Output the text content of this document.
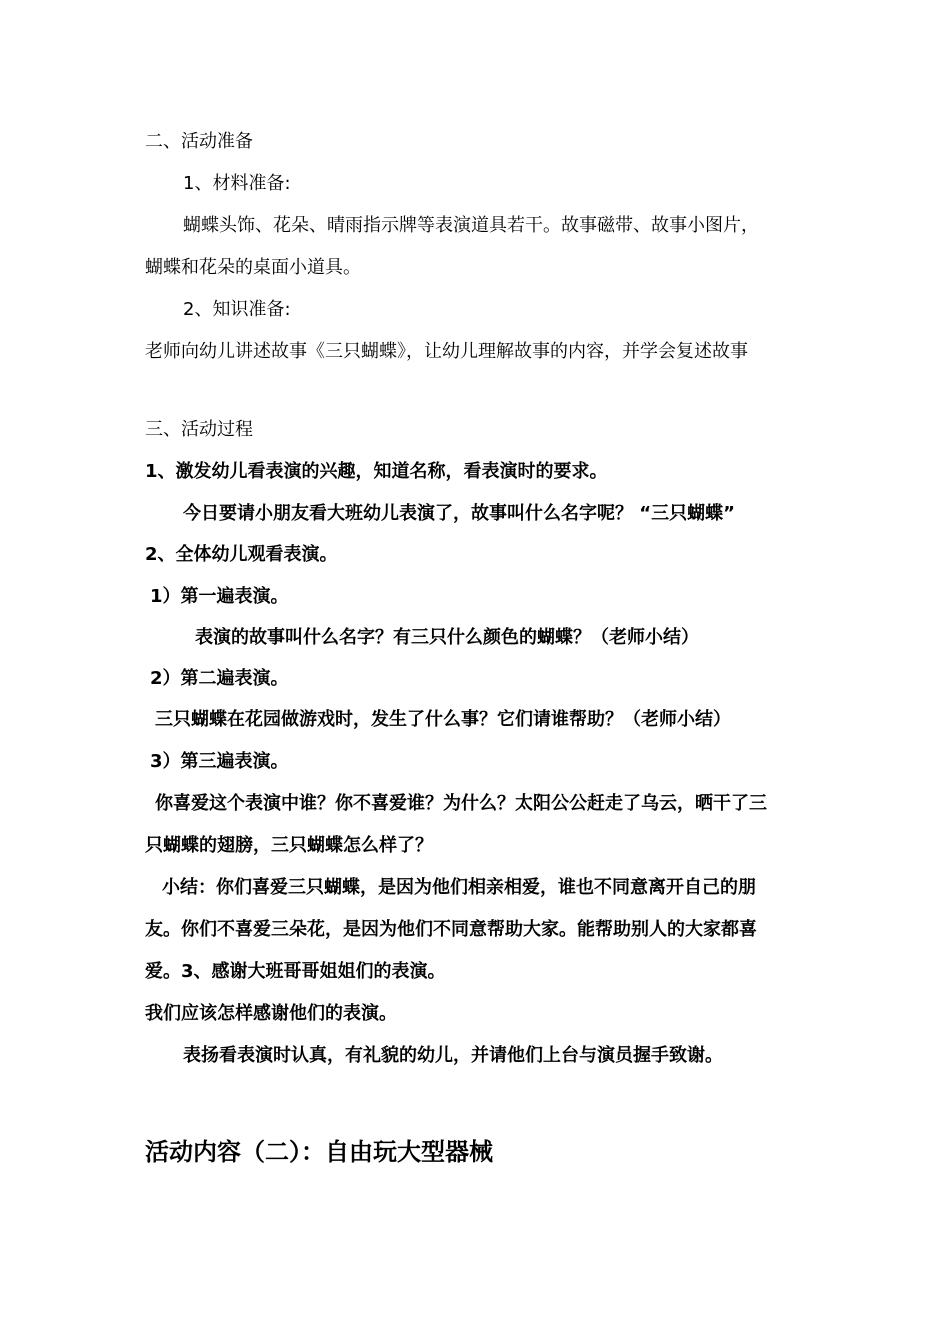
二、活动准备
1、材料准备:
蝴蝶头饰、花朵、晴雨指示牌等表演道具若干。故事磁带、故事小图片，
蝴蝶和花朵的桌面小道具。
2、知识准备:
老师向幼儿讲述故事《三只蝴蝶》，让幼儿理解故事的内容，并学会复述故事
三、活动过程
1、激发幼儿看表演的兴趣，知道名称，看表演时的要求。
今日要请小朋友看大班幼儿表演了，故事叫什么名字呢？ “三只蝴蝶”
2、全体幼儿观看表演。
1）第一遍表演。
表演的故事叫什么名字？有三只什么颜色的蝴蝶？（老师小结）
2）第二遍表演。
三只蝴蝶在花园做游戏时，发生了什么事？它们请谁帮助？（老师小结）
3）第三遍表演。
你喜爱这个表演中谁？你不喜爱谁？为什么？太阳公公赶走了乌云，晒干了三
只蝴蝶的翅膀，三只蝴蝶怎么样了？
小结：你们喜爱三只蝴蝶，是因为他们相亲相爱，谁也不同意离开自己的朋
友。你们不喜爱三朵花，是因为他们不同意帮助大家。能帮助别人的大家都喜
爱。3、感谢大班哥哥姐姐们的表演。
我们应该怎样感谢他们的表演。
表扬看表演时认真，有礼貌的幼儿，并请他们上台与演员握手致谢。
活动内容（二）：自由玩大型器械
